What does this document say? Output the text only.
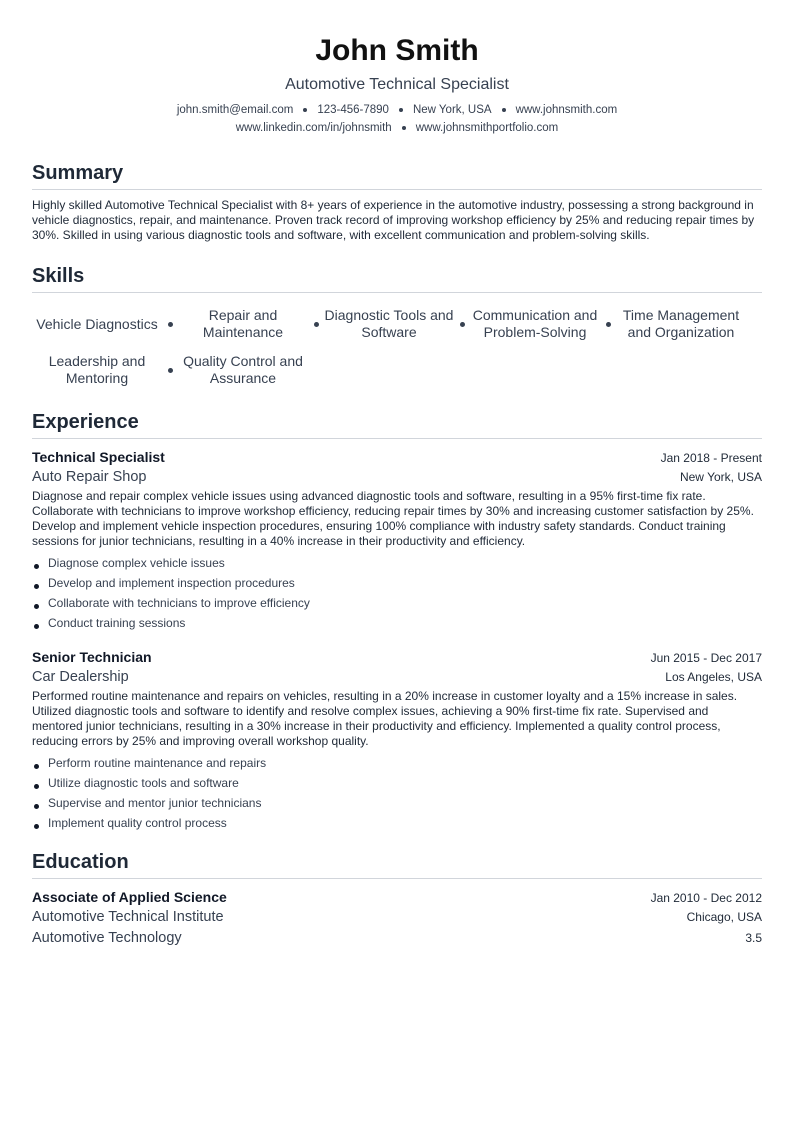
John Smith
Automotive Technical Specialist
john.smith@email.com 123-456-7890 New York, USA www.johnsmith.com
www.linkedin.com/in/johnsmith www.johnsmithportfolio.com
Summary
Highly skilled Automotive Technical Specialist with 8+ years of experience in the automotive industry, possessing a strong background in vehicle diagnostics, repair, and maintenance. Proven track record of improving workshop efficiency by 25% and reducing repair times by 30%. Skilled in using various diagnostic tools and software, with excellent communication and problem-solving skills.
Skills
Vehicle Diagnostics
Repair and Maintenance
Diagnostic Tools and Software
Communication and Problem-Solving
Time Management and Organization
Leadership and Mentoring
Quality Control and Assurance
Experience
Technical Specialist	Jan 2018 - Present
Auto Repair Shop	New York, USA
Diagnose and repair complex vehicle issues using advanced diagnostic tools and software, resulting in a 95% first-time fix rate. Collaborate with technicians to improve workshop efficiency, reducing repair times by 30% and increasing customer satisfaction by 25%. Develop and implement vehicle inspection procedures, ensuring 100% compliance with industry safety standards. Conduct training sessions for junior technicians, resulting in a 40% increase in their productivity and efficiency.
Diagnose complex vehicle issues
Develop and implement inspection procedures
Collaborate with technicians to improve efficiency
Conduct training sessions
Senior Technician	Jun 2015 - Dec 2017
Car Dealership	Los Angeles, USA
Performed routine maintenance and repairs on vehicles, resulting in a 20% increase in customer loyalty and a 15% increase in sales. Utilized diagnostic tools and software to identify and resolve complex issues, achieving a 90% first-time fix rate. Supervised and mentored junior technicians, resulting in a 30% increase in their productivity and efficiency. Implemented a quality control process, reducing errors by 25% and improving overall workshop quality.
Perform routine maintenance and repairs
Utilize diagnostic tools and software
Supervise and mentor junior technicians
Implement quality control process
Education
Associate of Applied Science	Jan 2010 - Dec 2012
Automotive Technical Institute	Chicago, USA
Automotive Technology	3.5
